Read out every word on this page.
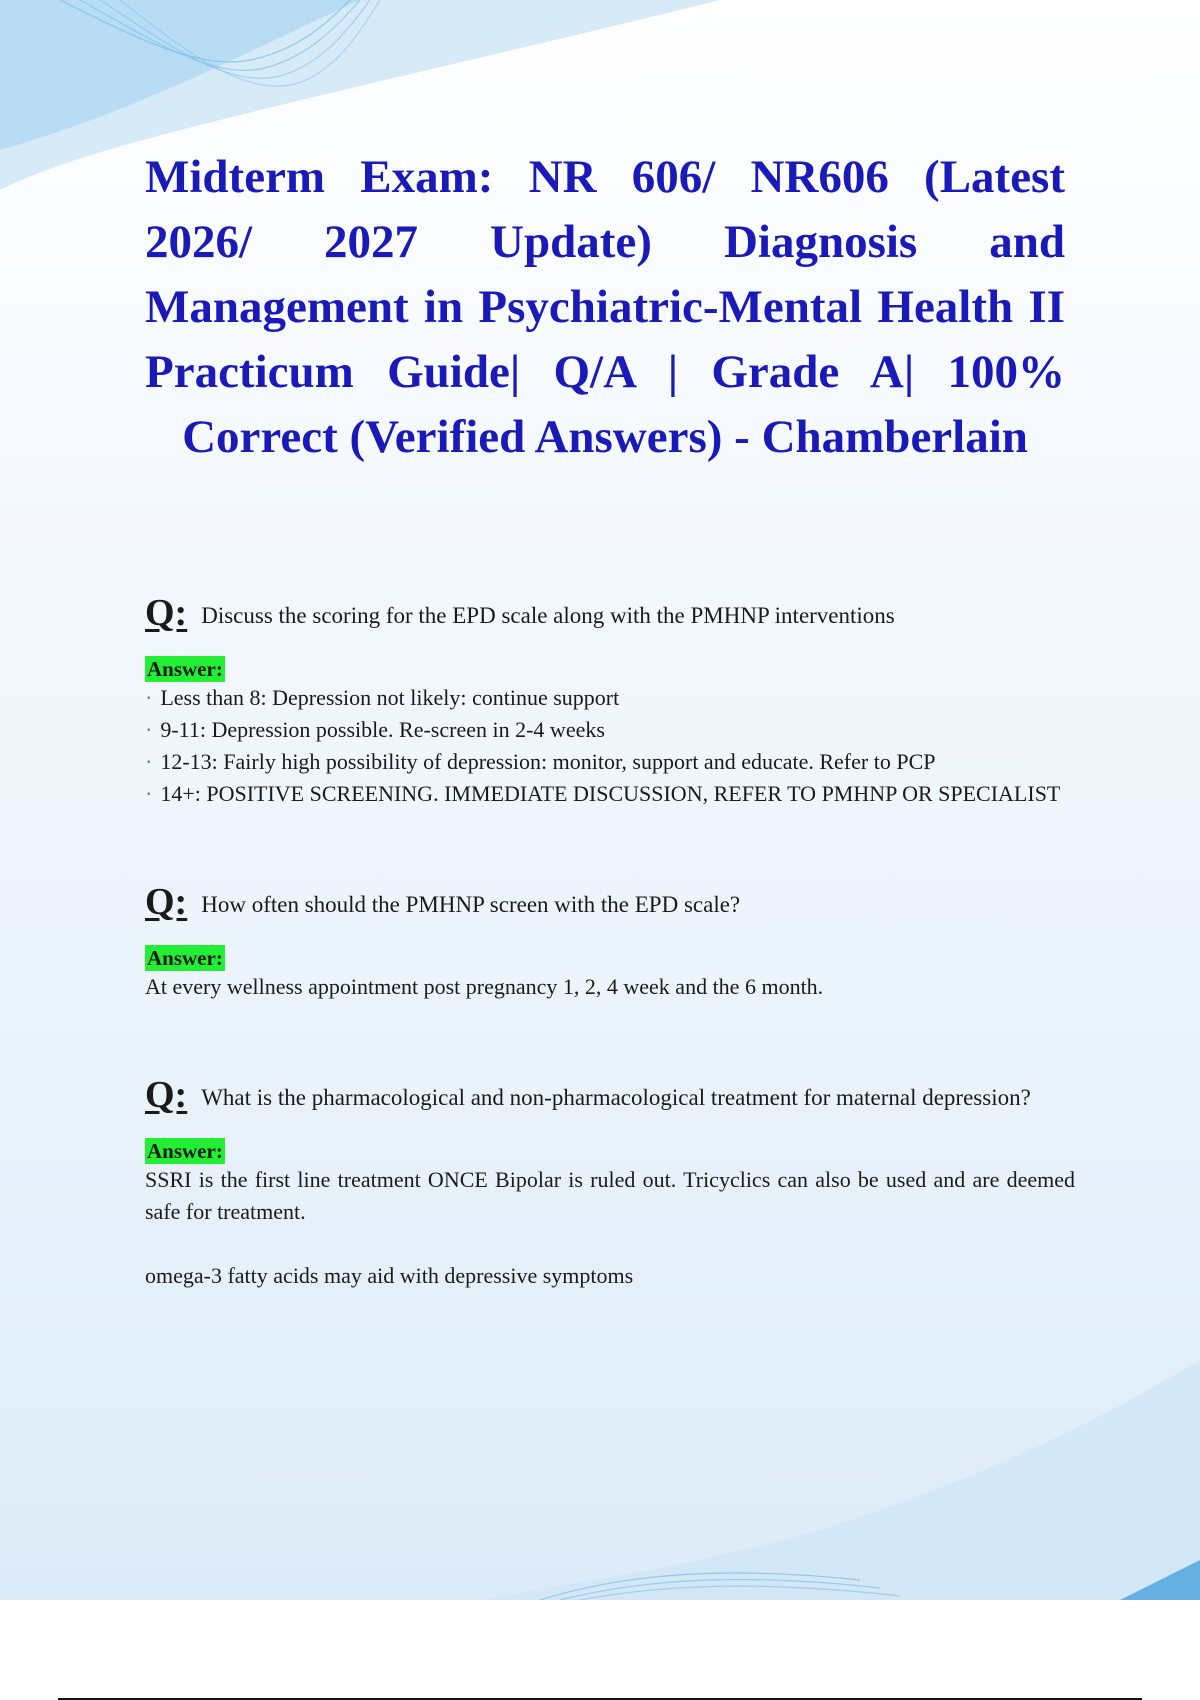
Midterm Exam: NR 606/ NR606 (Latest 2026/ 2027 Update) Diagnosis and Management in Psychiatric-Mental Health II Practicum Guide| Q/A | Grade A| 100% Correct (Verified Answers) - Chamberlain

Q: Discuss the scoring for the EPD scale along with the PMHNP interventions

Answer:

· Less than 8: Depression not likely: continue support

· 9-11: Depression possible. Re-screen in 2-4 weeks

· 12-13: Fairly high possibility of depression: monitor, support and educate. Refer to PCP

· 14+: POSITIVE SCREENING. IMMEDIATE DISCUSSION, REFER TO PMHNP OR SPECIALIST

Q: How often should the PMHNP screen with the EPD scale?

Answer:

At every wellness appointment post pregnancy 1, 2, 4 week and the 6 month.

Q: What is the pharmacological and non-pharmacological treatment for maternal depression?

Answer:

SSRI is the first line treatment ONCE Bipolar is ruled out. Tricyclics can also be used and are deemed safe for treatment.

omega-3 fatty acids may aid with depressive symptoms
